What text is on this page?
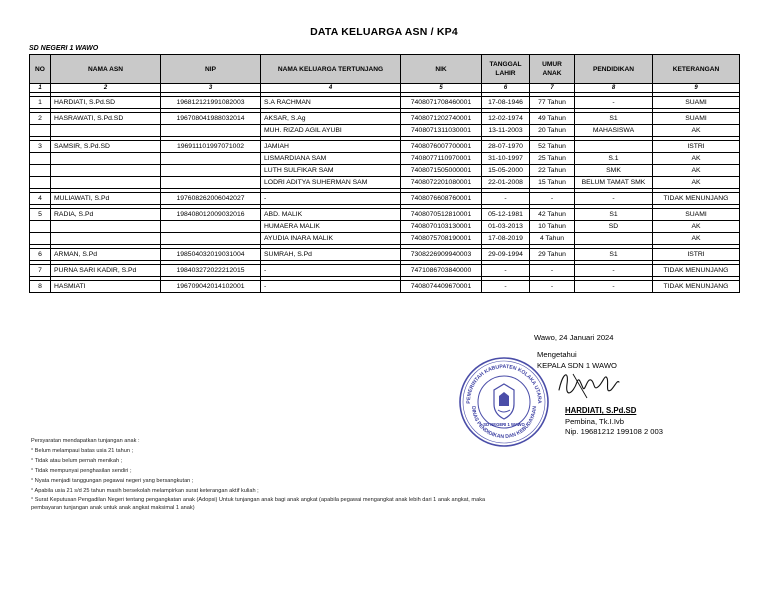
DATA KELUARGA ASN / KP4
SD NEGERI 1 WAWO
NO	NAMA ASN	NIP	NAMA KELUARGA TERTUNJANG	NIK	TANGGAL LAHIR	UMUR ANAK	PENDIDIKAN	KETERANGAN
1	2	3	4	5	6	7	8	9

1	HARDIATI, S.Pd.SD	196812121991082003	S.A RACHMAN	7408071708460001	17-08-1946	77 Tahun	-	SUAMI

2	HASRAWATI, S.Pd.SD	196708041988032014	AKSAR, S.Ag	7408071202740001	12-02-1974	49 Tahun	S1	SUAMI
			MUH. RIZAD AGIL AYUBI	7408071311030001	13-11-2003	20 Tahun	MAHASISWA	AK

3	SAMSIR, S.Pd.SD	196911101997071002	JAMIAH	7408076007700001	28-07-1970	52 Tahun		ISTRI
			LISMARDIANA SAM	7408077110970001	31-10-1997	25 Tahun	S.1	AK
			LUTH SULFIKAR SAM	7408071505000001	15-05-2000	22 Tahun	SMK	AK
			LODRI ADITYA SUHERMAN SAM	7408072201080001	22-01-2008	15 Tahun	BELUM TAMAT SMK	AK

4	MULIAWATI, S.Pd	197608262006042027	-	7408076608760001	-	-	-	TIDAK MENUNJANG

5	RADIA, S.Pd	198408012009032016	ABD. MALIK	7408070512810001	05-12-1981	42 Tahun	S1	SUAMI
			HUMAERA MALIK	7408070103130001	01-03-2013	10 Tahun	SD	AK
			AYUDIA INARA MALIK	7408075708190001	17-08-2019	4 Tahun		AK

6	ARMAN, S.Pd	198504032019031004	SUMRAH, S.Pd	7308226909940003	29-09-1994	29 Tahun	S1	ISTRI

7	PURNA SARI KADIR, S.Pd	198403272022212015	-	7471086703840000	-	-	-	TIDAK MENUNJANG

8	HASMIATI	196709042014102001	-	7408074409670001	-	-	-	TIDAK MENUNJANG
Wawo, 24 Januari 2024
Mengetahui
KEPALA SDN 1 WAWO
PEMERINTAH KABUPATEN KOLAKA UTARA
DINAS PENDIDIKAN DAN KEBUDAYAAN
SD NEGERI 1 WAWO
HARDIATI, S.Pd.SD
Pembina, Tk.I.Ivb
Nip. 19681212 199108 2 003
Persyaratan mendapatkan tunjangan anak :
° Belum melampaui batas usia 21 tahun ;
° Tidak atau belum pernah menikah ;
° Tidak mempunyai penghasilan sendiri ;
° Nyata menjadi tanggungan pegawai negeri yang bersangkutan ;
° Apabila usia 21 s/d 25 tahun masih bersekolah melampirkan surat keterangan aktif kuliah ;
° Surat Keputusan Pengadilan Negeri tentang pengangkatan anak (Adopsi) Untuk tunjangan anak bagi anak angkat (apabila pegawai mengangkat anak lebih dari 1 anak angkat, maka pembayaran tunjangan anak untuk anak angkat maksimal 1 anak)
